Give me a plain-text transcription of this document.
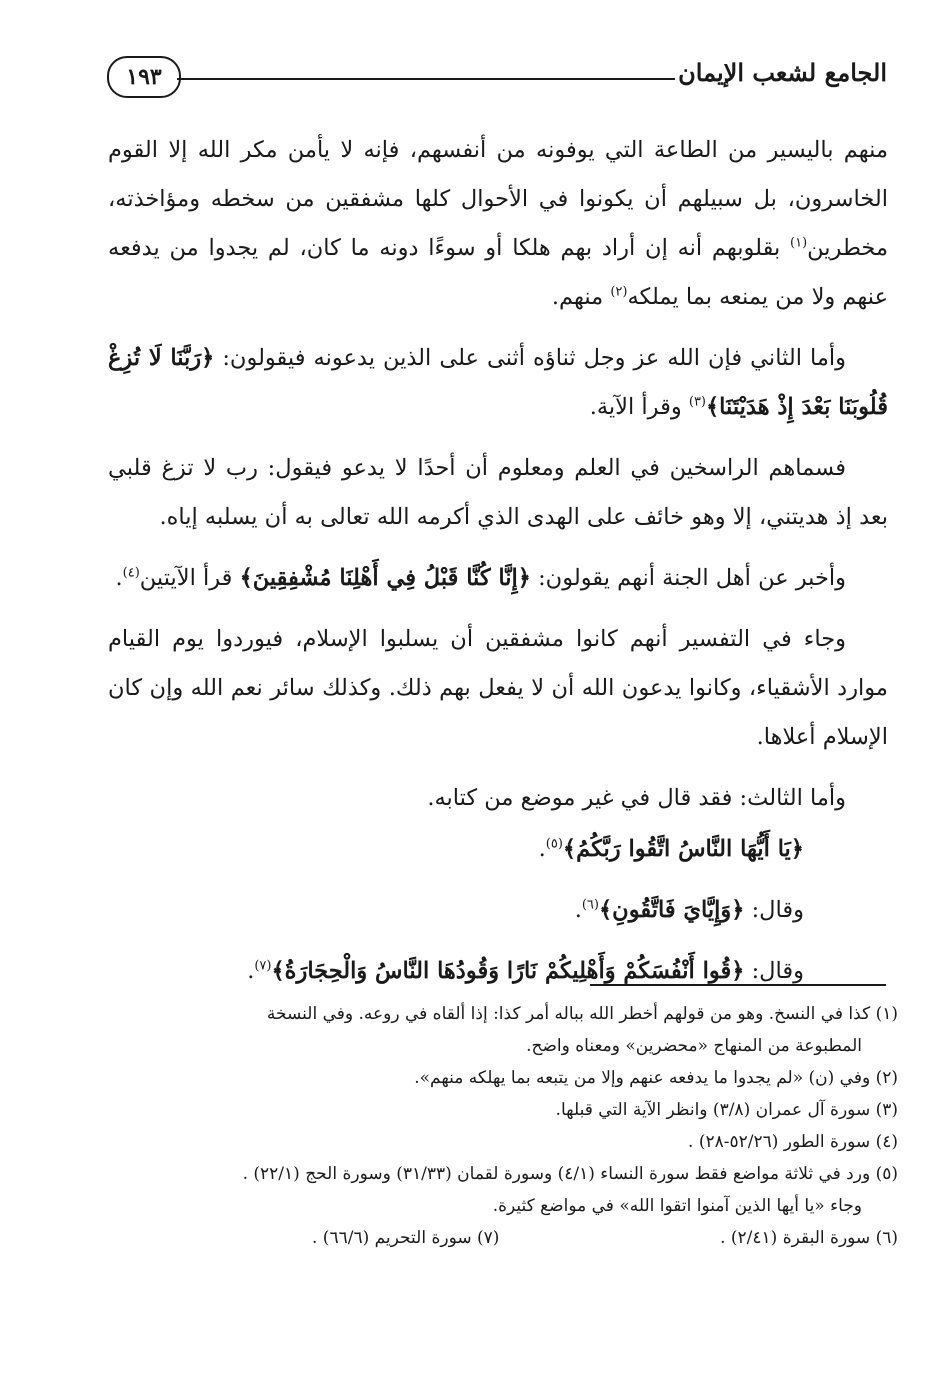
الجامع لشعب الإيمان
١٩٣

منهم باليسير من الطاعة التي يوفونه من أنفسهم، فإنه لا يأمن مكر الله إلا القوم الخاسرون، بل سبيلهم أن يكونوا في الأحوال كلها مشفقين من سخطه ومؤاخذته، مخطرين$^{(١)}$ بقلوبهم أنه إن أراد بهم هلكا أو سوءًا دونه ما كان، لم يجدوا من يدفعه عنهم ولا من يمنعه بما يملكه$^{(٢)}$ منهم.

وأما الثاني فإن الله عز وجل ثناؤه أثنى على الذين يدعونه فيقولون: ﴿رَبَّنَا لَا تُزِغْ قُلُوبَنَا بَعْدَ إِذْ هَدَيْتَنَا﴾$^{(٣)}$ وقرأ الآية.

فسماهم الراسخين في العلم ومعلوم أن أحدًا لا يدعو فيقول: رب لا تزغ قلبي بعد إذ هديتني، إلا وهو خائف على الهدى الذي أكرمه الله تعالى به أن يسلبه إياه.

وأخبر عن أهل الجنة أنهم يقولون: ﴿إِنَّا كُنَّا قَبْلُ فِي أَهْلِنَا مُشْفِقِينَ﴾ قرأ الآيتين$^{(٤)}$.

وجاء في التفسير أنهم كانوا مشفقين أن يسلبوا الإسلام، فيوردوا يوم القيام موارد الأشقياء، وكانوا يدعون الله أن لا يفعل بهم ذلك. وكذلك سائر نعم الله وإن كان الإسلام أعلاها.

وأما الثالث: فقد قال في غير موضع من كتابه.

﴿يَا أَيُّهَا النَّاسُ اتَّقُوا رَبَّكُمُ﴾$^{(٥)}$.

وقال: ﴿وَإِيَّايَ فَاتَّقُونِ﴾$^{(٦)}$.

وقال: ﴿قُوا أَنْفُسَكُمْ وَأَهْلِيكُمْ نَارًا وَقُودُهَا النَّاسُ وَالْحِجَارَةُ﴾$^{(٧)}$.

(١) كذا في النسخ. وهو من قولهم أخطر الله بباله أمر كذا: إذا ألقاه في روعه. وفي النسخة

المطبوعة من المنهاج «محضرين» ومعناه واضح.

(٢) وفي (ن) «لم يجدوا ما يدفعه عنهم وإلا من يتبعه بما يهلكه منهم».

(٣) سورة آل عمران (٣/٨) وانظر الآية التي قبلها.

(٤) سورة الطور (٥٢/٢٦-٢٨) .

(٥) ورد في ثلاثة مواضع فقط سورة النساء (٤/١) وسورة لقمان (٣١/٣٣) وسورة الحج (٢٢/١) .

وجاء «يا أيها الذين آمنوا اتقوا الله» في مواضع كثيرة.

(٦) سورة البقرة (٢/٤١) .
(٧) سورة التحريم (٦٦/٦) .
